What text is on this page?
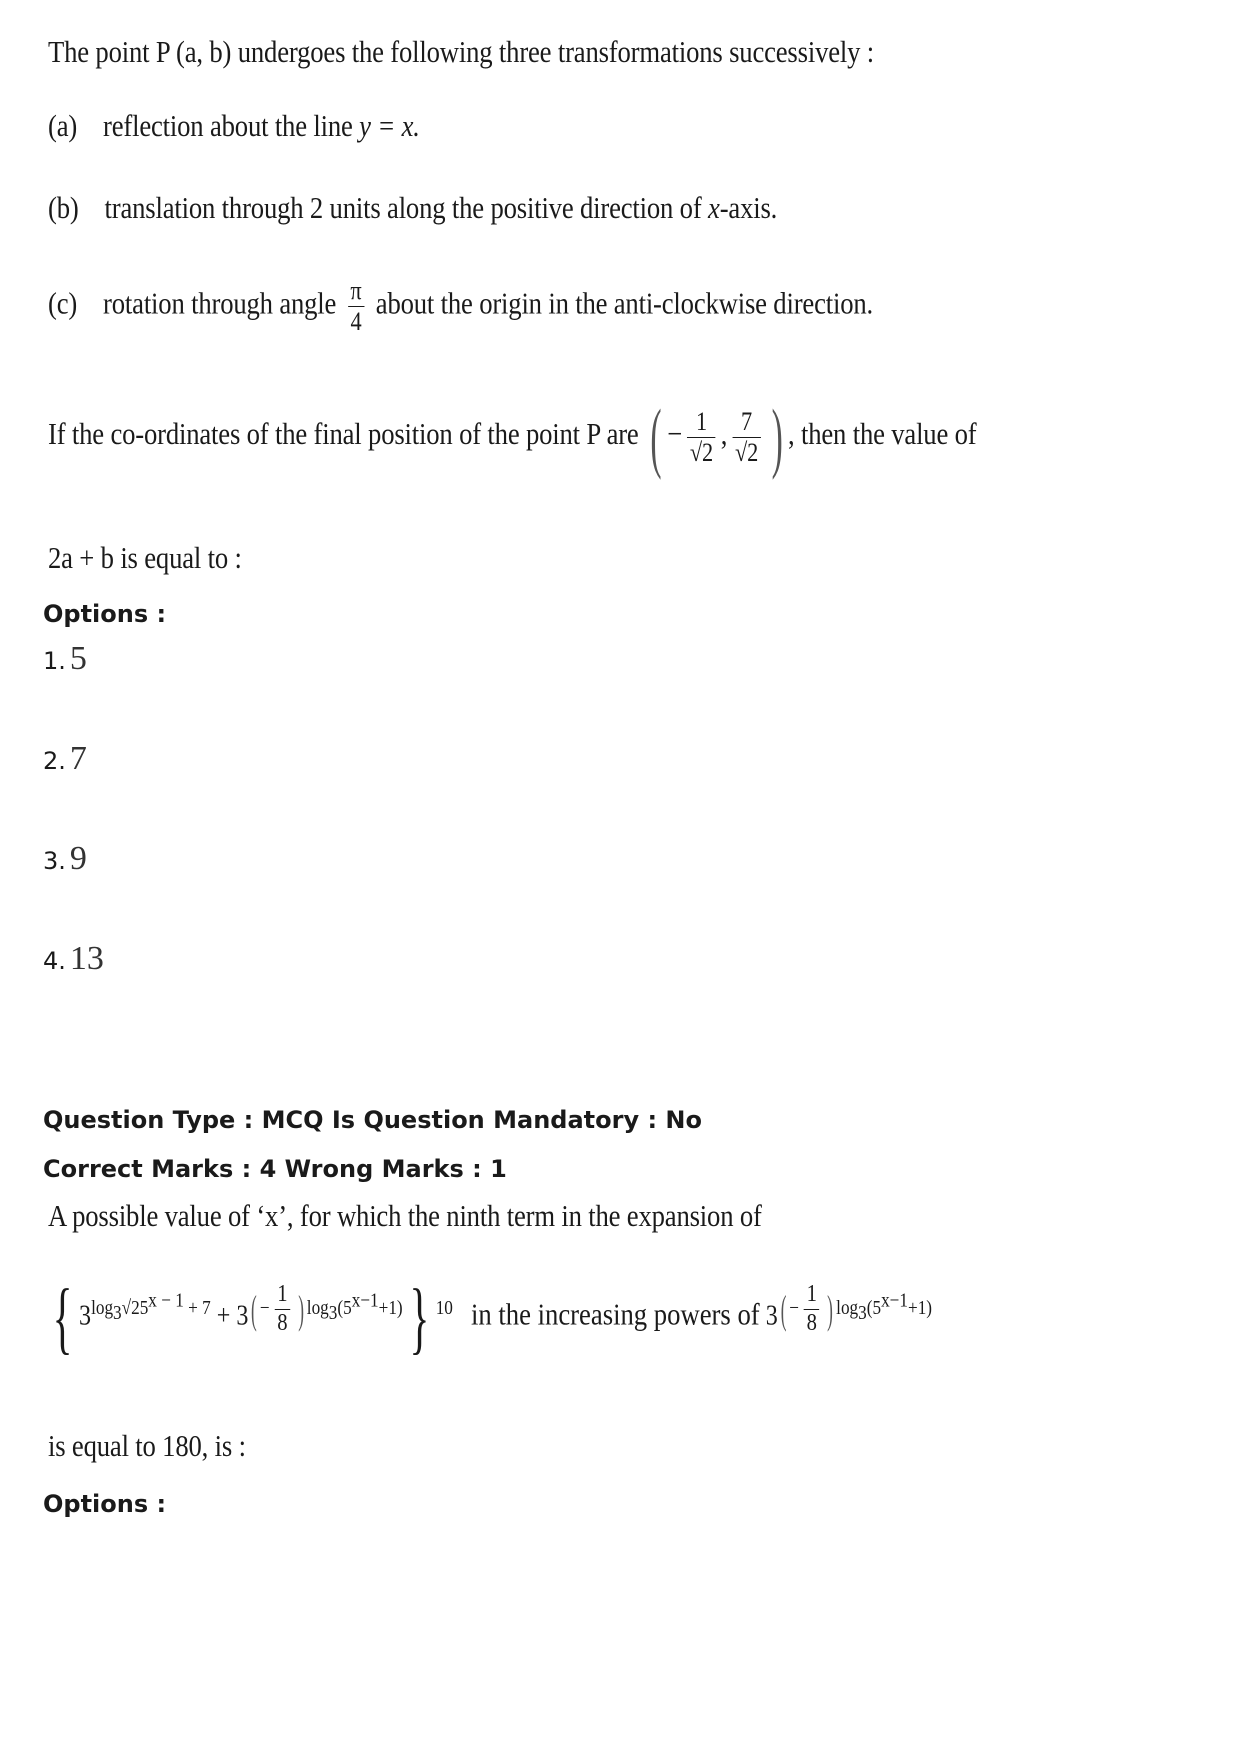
The point P (a, b) undergoes the following three transformations successively :
(a) reflection about the line y = x.
(b) translation through 2 units along the positive direction of x-axis.
(c) rotation through angle $\frac{\pi}{4}$ about the origin in the anti-clockwise direction.
If the co-ordinates of the final position of the point P are ( − $\frac{1}{√2}$ , $\frac{7}{√2}$ ) , then the value of
2a + b is equal to :
Options :
1. 5
2. 7
3. 9
4. 13
Question Type : MCQ Is Question Mandatory : No
Correct Marks : 4 Wrong Marks : 1
A possible value of ‘x’, for which the ninth term in the expansion of
{ $3^{log_3√25^{x - 1} + 7} + 3^{( - \frac{1}{8} ) log_3(5^{x-1}+1)}$} $^{10}$ in the increasing powers of $3^{( - \frac{1}{8} ) log_3(5^{x-1}+1)}$
is equal to 180, is :
Options :
